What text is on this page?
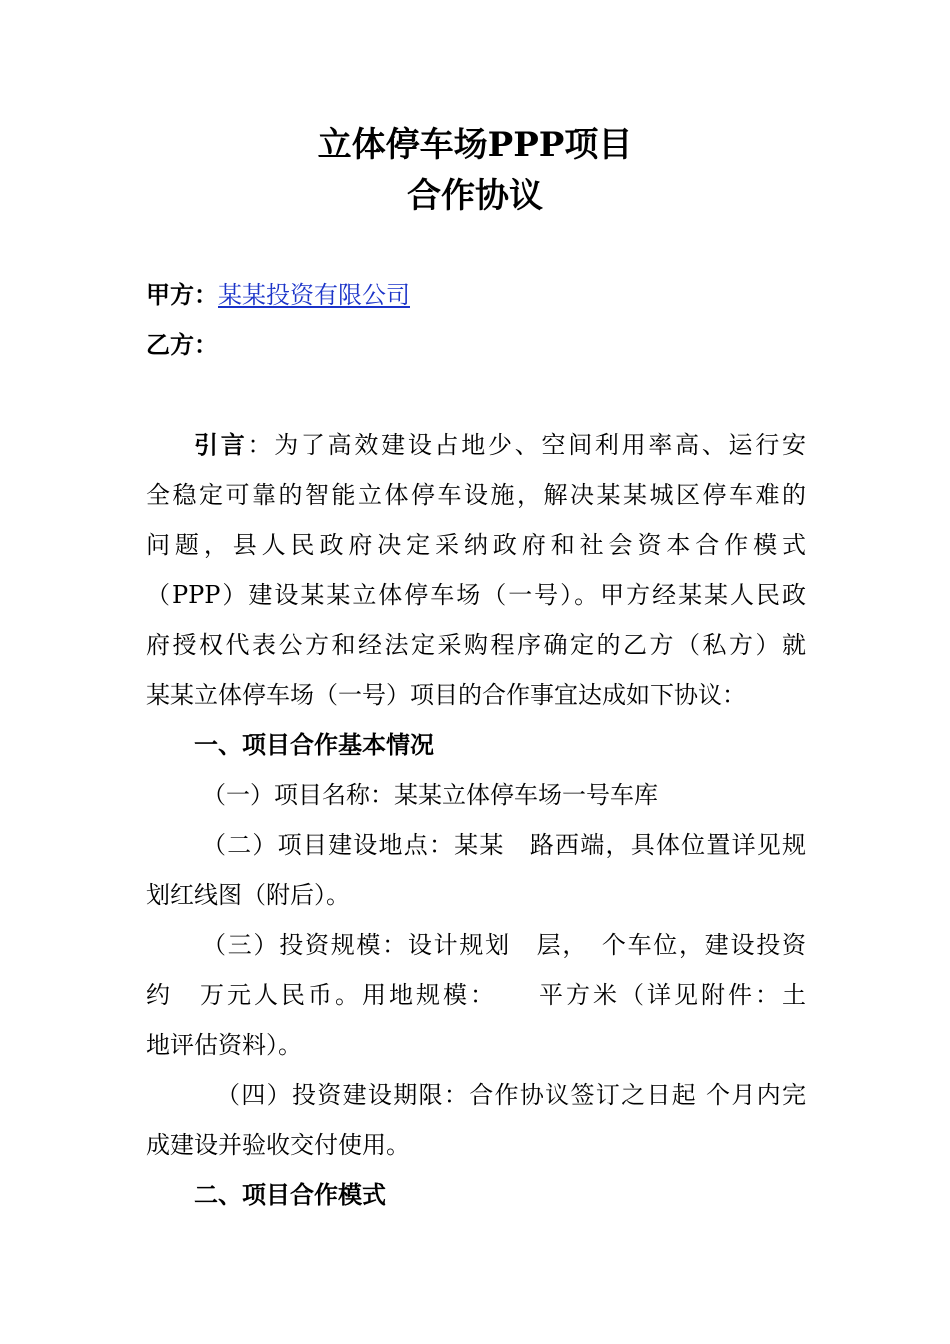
立体停车场PPP项目
合作协议
甲方：某某投资有限公司
乙方：
引言：为了高效建设占地少、空间利用率高、运行安
全稳定可靠的智能立体停车设施，解决某某城区停车难的
问题，县人民政府决定采纳政府和社会资本合作模式
（PPP）建设某某立体停车场（一号）。甲方经某某人民政
府授权代表公方和经法定采购程序确定的乙方（私方）就
某某立体停车场（一号）项目的合作事宜达成如下协议：
一、项目合作基本情况
（一）项目名称：某某立体停车场一号车库
（二）项目建设地点：某某　路西端，具体位置详见规
划红线图（附后）。
（三）投资规模：设计规划　层，　个车位，建设投资
约　万元人民币。用地规模：　　平方米（详见附件：土
地评估资料）。
（四）投资建设期限：合作协议签订之日起 个月内完
成建设并验收交付使用。
二、项目合作模式
